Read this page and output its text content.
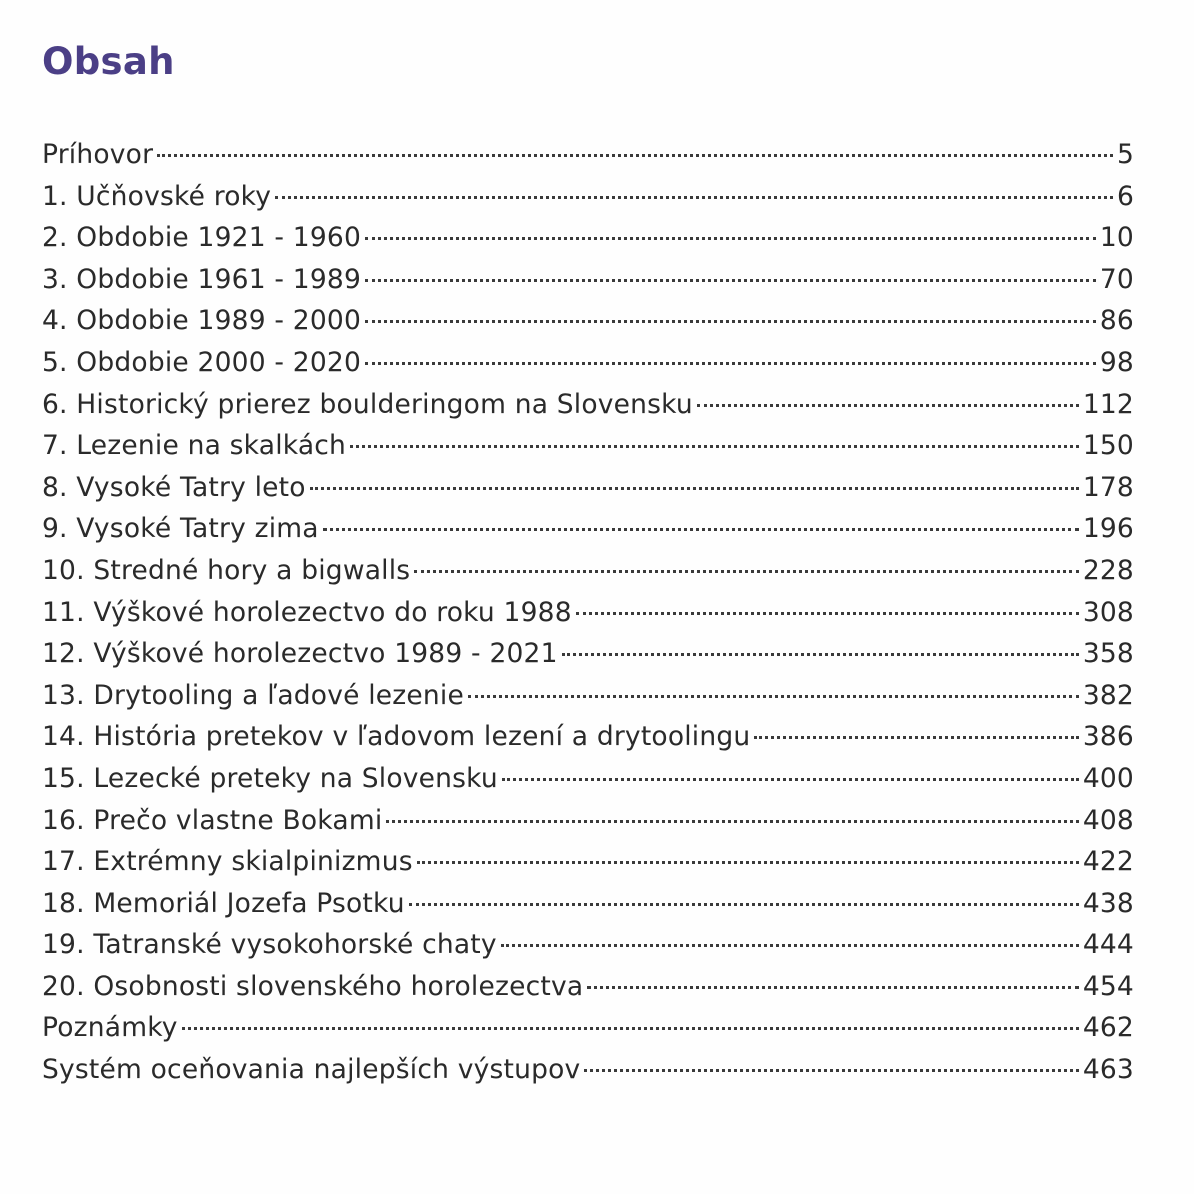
Obsah
Príhovor	5
1. Učňovské roky	6
2. Obdobie 1921 - 1960	10
3. Obdobie 1961 - 1989	70
4. Obdobie 1989 - 2000	86
5. Obdobie 2000 - 2020	98
6. Historický prierez boulderingom na Slovensku	112
7. Lezenie na skalkách	150
8. Vysoké Tatry leto	178
9. Vysoké Tatry zima	196
10. Stredné hory a bigwalls	228
11. Výškové horolezectvo do roku 1988	308
12. Výškové horolezectvo 1989 - 2021	358
13. Drytooling a ľadové lezenie	382
14. História pretekov v ľadovom lezení a drytoolingu	386
15. Lezecké preteky na Slovensku	400
16. Prečo vlastne Bokami	408
17. Extrémny skialpinizmus	422
18. Memoriál Jozefa Psotku	438
19. Tatranské vysokohorské chaty	444
20. Osobnosti slovenského horolezectva	454
Poznámky	462
Systém oceňovania najlepších výstupov	463
